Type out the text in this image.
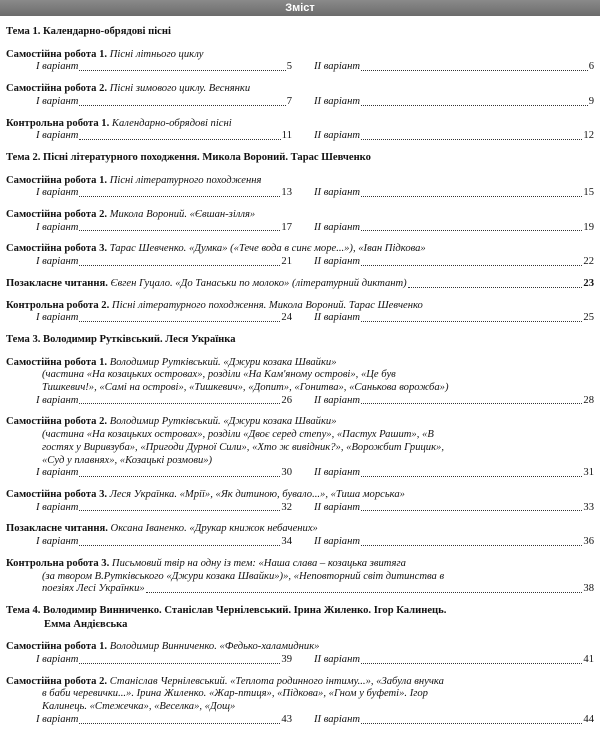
Зміст
Тема 1. Календарно-обрядові пісні
Самостійна робота 1. Пісні літнього циклу
I варіант	5 II варіант	6
Самостійна робота 2. Пісні зимового циклу. Веснянки
I варіант	7 II варіант	9
Контрольна робота 1. Календарно-обрядові пісні
I варіант	11 II варіант	12
Тема 2. Пісні літературного походження. Микола Вороний. Тарас Шевченко
Самостійна робота 1. Пісні літературного походження
I варіант	13 II варіант	15
Самостійна робота 2. Микола Вороний. «Євшан-зілля»
I варіант	17 II варіант	19
Самостійна робота 3. Тарас Шевченко. «Думка» («Тече вода в синє море...»), «Іван Підкова»
I варіант	21 II варіант	22
Позакласне читання. Євген Гуцало. «До Танаськи по молоко» (літературний диктант)	23
Контрольна робота 2. Пісні літературного походження. Микола Вороний. Тарас Шевченко
I варіант	24 II варіант	25
Тема 3. Володимир Рутківський. Леся Українка
Самостійна робота 1. Володимир Рутківський. «Джури козака Швайки»
(частина «На козацьких островах», розділи «На Кам'яному острові», «Це був
Тишкевич!», «Самі на острові», «Тишкевич», «Допит», «Гонитва», «Санькова ворожба»)
I варіант	26 II варіант	28
Самостійна робота 2. Володимир Рутківський. «Джури козака Швайки»
(частина «На козацьких островах», розділи «Двоє серед степу», «Пастух Рашит», «В
гостях у Виривзуба», «Пригоди Дурної Сили», «Хто ж вивідник?», «Ворожбит Грицик»,
«Суд у плавнях», «Козацькі розмови»)
I варіант	30 II варіант	31
Самостійна робота 3. Леся Українка. «Мрії», «Як дитиною, бувало...», «Тиша морська»
I варіант	32 II варіант	33
Позакласне читання. Оксана Іваненко. «Друкар книжок небачених»
I варіант	34 II варіант	36
Контрольна робота 3. Письмовий твір на одну із тем: «Наша слава – козацька звитяга
(за твором В.Рутківського «Джури козака Швайки»)», «Неповторний світ дитинства в
поезіях Лесі Українки»	38
Тема 4. Володимир Винниченко. Станіслав Чернілевський. Ірина Жиленко. Ігор Калинець.
Емма Андієвська
Самостійна робота 1. Володимир Винниченко. «Федько-халамидник»
I варіант	39 II варіант	41
Самостійна робота 2. Станіслав Чернілевський. «Теплота родинного інтиму...», «Забула внучка
в баби черевички...». Ірина Жиленко. «Жар-птиця», «Підкова», «Гном у буфеті». Ігор
Калинець. «Стежечка», «Веселка», «Дощ»
I варіант	43 II варіант	44
